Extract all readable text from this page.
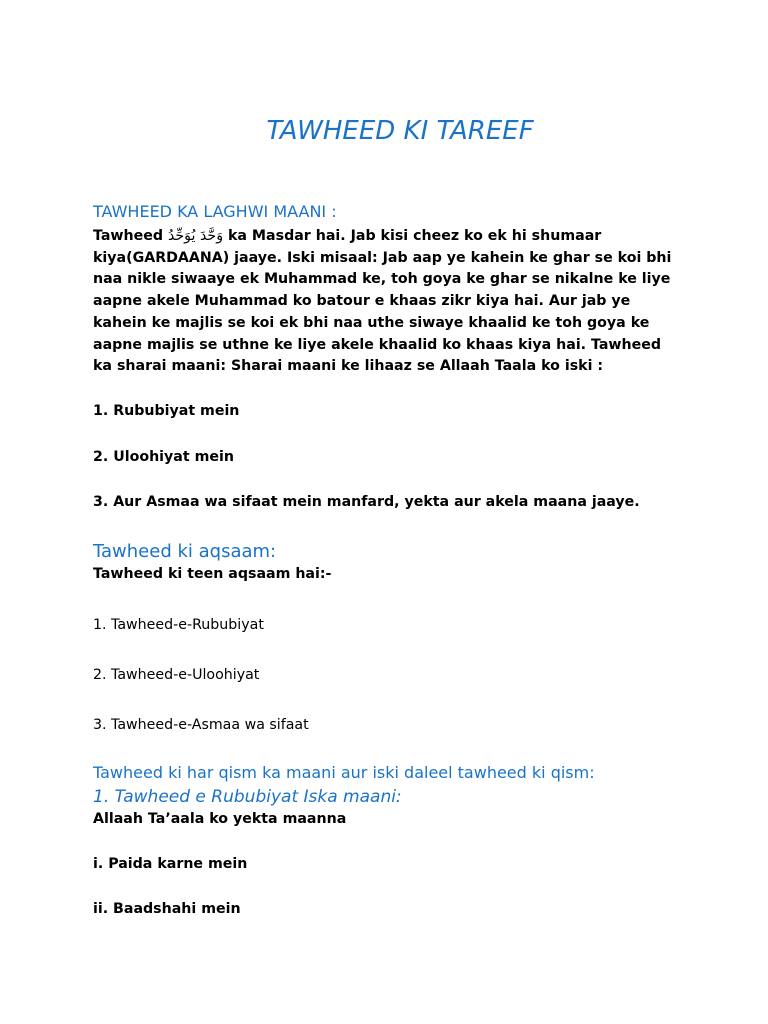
TAWHEED KI TAREEF
TAWHEED KA LAGHWI MAANI :
Tawheed وَحَّدَ يُوَحِّدُ ka Masdar hai. Jab kisi cheez ko ek hi shumaar kiya(GARDAANA) jaaye. Iski misaal: Jab aap ye kahein ke ghar se koi bhi naa nikle siwaaye ek Muhammad ke, toh goya ke ghar se nikalne ke liye aapne akele Muhammad ko batour e khaas zikr kiya hai. Aur jab ye kahein ke majlis se koi ek bhi naa uthe siwaye khaalid ke toh goya ke aapne majlis se uthne ke liye akele khaalid ko khaas kiya hai. Tawheed ka sharai maani: Sharai maani ke lihaaz se Allaah Taala ko iski :
1. Rububiyat mein
2. Uloohiyat mein
3. Aur Asmaa wa sifaat mein manfard, yekta aur akela maana jaaye.
Tawheed ki aqsaam:
Tawheed ki teen aqsaam hai:-
1. Tawheed-e-Rububiyat
2. Tawheed-e-Uloohiyat
3. Tawheed-e-Asmaa wa sifaat
Tawheed ki har qism ka maani aur iski daleel tawheed ki qism:
1. Tawheed e Rububiyat Iska maani:
Allaah Ta’aala ko yekta maanna
i. Paida karne mein
ii. Baadshahi mein
